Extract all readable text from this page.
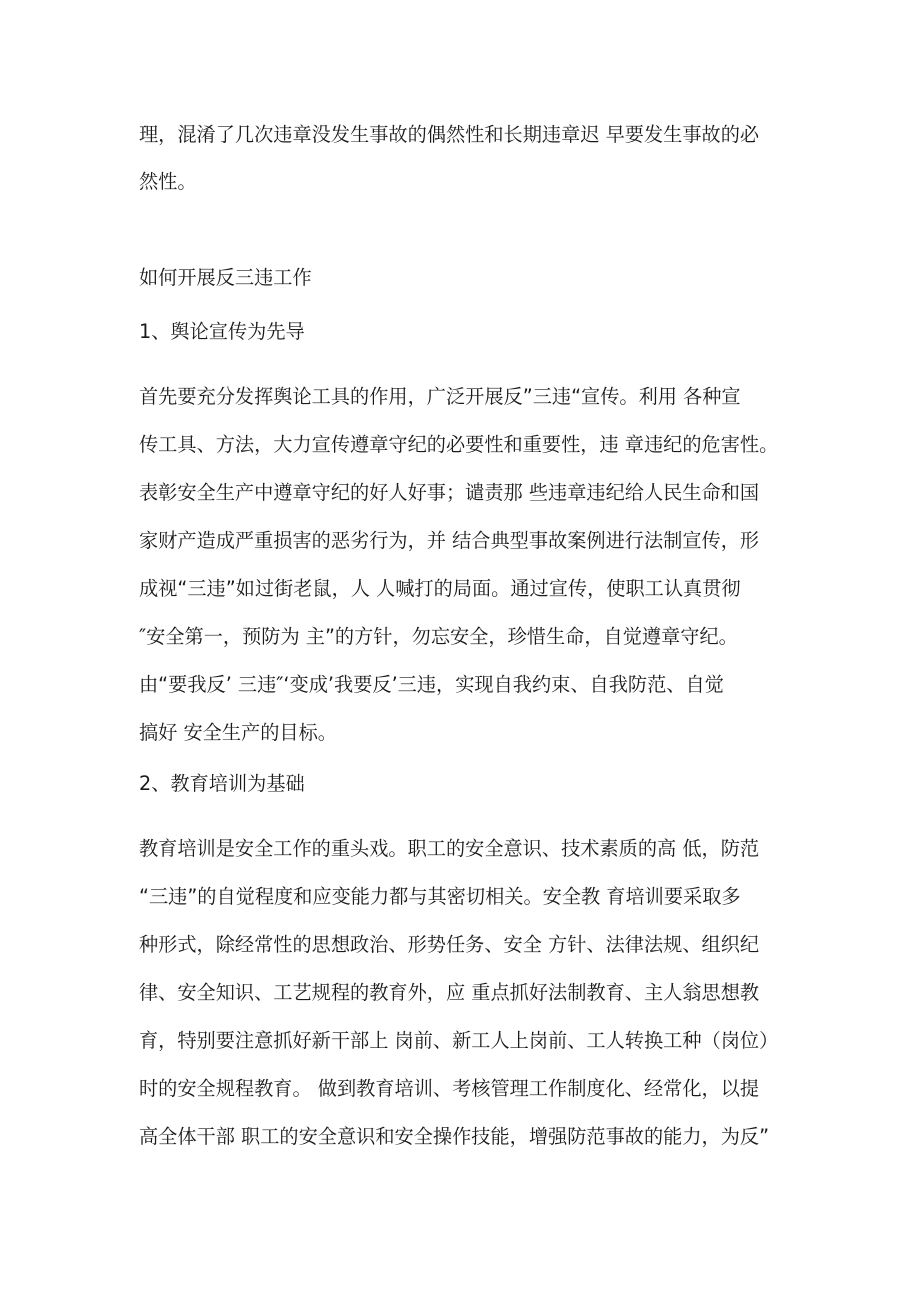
理，混淆了几次违章没发生事故的偶然性和长期违章迟 早要发生事故的必
然性。
如何开展反三违工作
1、舆论宣传为先导
首先要充分发挥舆论工具的作用，广泛开展反”三违“宣传。利用 各种宣
传工具、方法，大力宣传遵章守纪的必要性和重要性，违 章违纪的危害性。
表彰安全生产中遵章守纪的好人好事；谴责那 些违章违纪给人民生命和国
家财产造成严重损害的恶劣行为，并 结合典型事故案例进行法制宣传，形
成视“三违”如过街老鼠，人 人喊打的局面。通过宣传，使职工认真贯彻
″安全第一，预防为 主”的方针，勿忘安全，珍惜生命，自觉遵章守纪。
由“要我反’ 三违″‘变成’我要反’三违，实现自我约束、自我防范、自觉
搞好 安全生产的目标。
2、教育培训为基础
教育培训是安全工作的重头戏。职工的安全意识、技术素质的高 低，防范
“三违”的自觉程度和应变能力都与其密切相关。安全教 育培训要采取多
种形式，除经常性的思想政治、形势任务、安全 方针、法律法规、组织纪
律、安全知识、工艺规程的教育外，应 重点抓好法制教育、主人翁思想教
育，特别要注意抓好新干部上 岗前、新工人上岗前、工人转换工种（岗位）
时的安全规程教育。 做到教育培训、考核管理工作制度化、经常化，以提
高全体干部 职工的安全意识和安全操作技能，增强防范事故的能力，为反”
